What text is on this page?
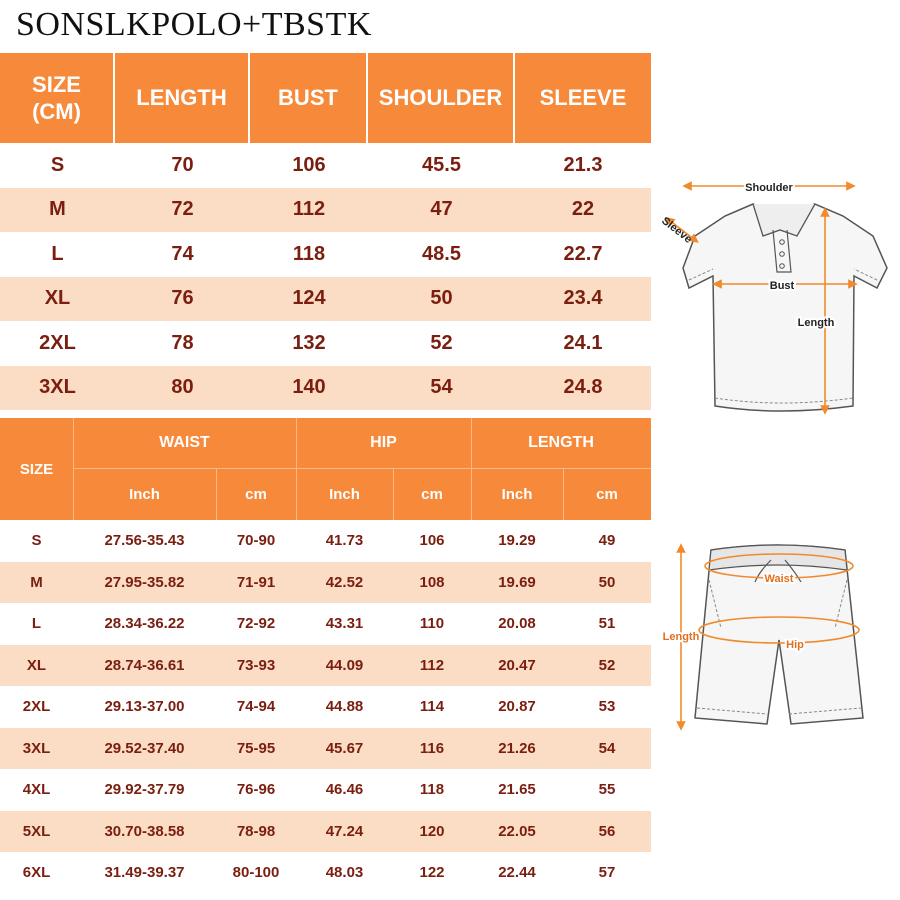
SONSLKPOLO+TBSTK
SIZE
(CM)
LENGTH	BUST	SHOULDER	SLEEVE
S	70	106	45.5	21.3
M	72	112	47	22
L	74	118	48.5	22.7
XL	76	124	50	23.4
2XL	78	132	52	24.1
3XL	80	140	54	24.8
SIZE
WAIST	HIP	LENGTH
Inch	cm	Inch	cm	Inch	cm
S	27.56-35.43	70-90	41.73	106	19.29	49
M	27.95-35.82	71-91	42.52	108	19.69	50
L	28.34-36.22	72-92	43.31	110	20.08	51
XL	28.74-36.61	73-93	44.09	112	20.47	52
2XL	29.13-37.00	74-94	44.88	114	20.87	53
3XL	29.52-37.40	75-95	45.67	116	21.26	54
4XL	29.92-37.79	76-96	46.46	118	21.65	55
5XL	30.70-38.58	78-98	47.24	120	22.05	56
6XL	31.49-39.37	80-100	48.03	122	22.44	57
Shoulder
Sleeve
Bust
Length
Waist
Hip
Length
